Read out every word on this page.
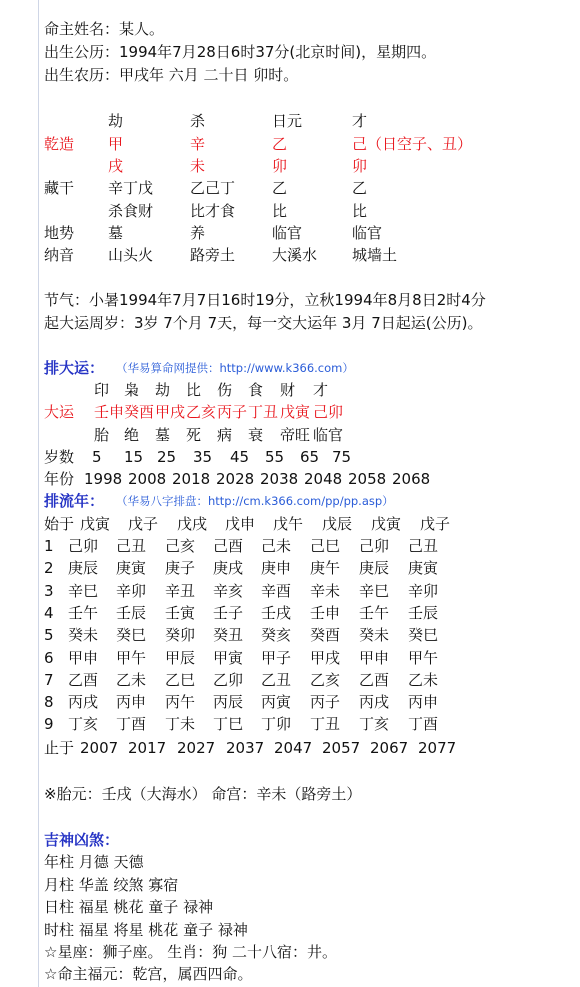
命主姓名：某人。
出生公历：1994年7月28日6时37分(北京时间)，星期四。
出生农历：甲戌年 六月 二十日 卯时。
劫	杀	日元	才
乾造 甲	辛	乙	己（日空子、丑）
戌	未	卯	卯
藏干 辛丁戊 乙己丁 乙	乙
杀食财 比才食 比	比
地势 墓	养	临官	临官
纳音 山头火 路旁土 大溪水 城墙土
节气：小暑1994年7月7日16时19分，立秋1994年8月8日2时4分
起大运周岁：3岁 7个月 7天，每一交大运年 3月 7日起运(公历)。
排大运： （华易算命网提供：http://www.k366.com）
印 枭 劫 比 伤 食 财 才
大运 壬申 癸酉 甲戌 乙亥 丙子 丁丑 戊寅 己卯
胎 绝 墓 死 病 衰 帝旺 临官
岁数 5 15 25 35 45 55 65 75
年份 1998 2008 2018 2028 2038 2048 2058 2068
排流年： （华易八字排盘：http://cm.k366.com/pp/pp.asp）
始于 戊寅 戊子 戊戌 戊申 戊午 戊辰 戊寅 戊子
1 己卯 己丑 己亥 己酉 己未 己巳 己卯 己丑
2 庚辰 庚寅 庚子 庚戌 庚申 庚午 庚辰 庚寅
3 辛巳 辛卯 辛丑 辛亥 辛酉 辛未 辛巳 辛卯
4 壬午 壬辰 壬寅 壬子 壬戌 壬申 壬午 壬辰
5 癸未 癸巳 癸卯 癸丑 癸亥 癸酉 癸未 癸巳
6 甲申 甲午 甲辰 甲寅 甲子 甲戌 甲申 甲午
7 乙酉 乙未 乙巳 乙卯 乙丑 乙亥 乙酉 乙未
8 丙戌 丙申 丙午 丙辰 丙寅 丙子 丙戌 丙申
9 丁亥 丁酉 丁未 丁巳 丁卯 丁丑 丁亥 丁酉
止于 2007 2017 2027 2037 2047 2057 2067 2077
※胎元：壬戌（大海水） 命宫：辛未（路旁土）
吉神凶煞：
年柱 月德 天德
月柱 华盖 绞煞 寡宿
日柱 福星 桃花 童子 禄神
时柱 福星 将星 桃花 童子 禄神
☆星座：狮子座。 生肖：狗 二十八宿：井。
☆命主福元：乾宫，属西四命。
